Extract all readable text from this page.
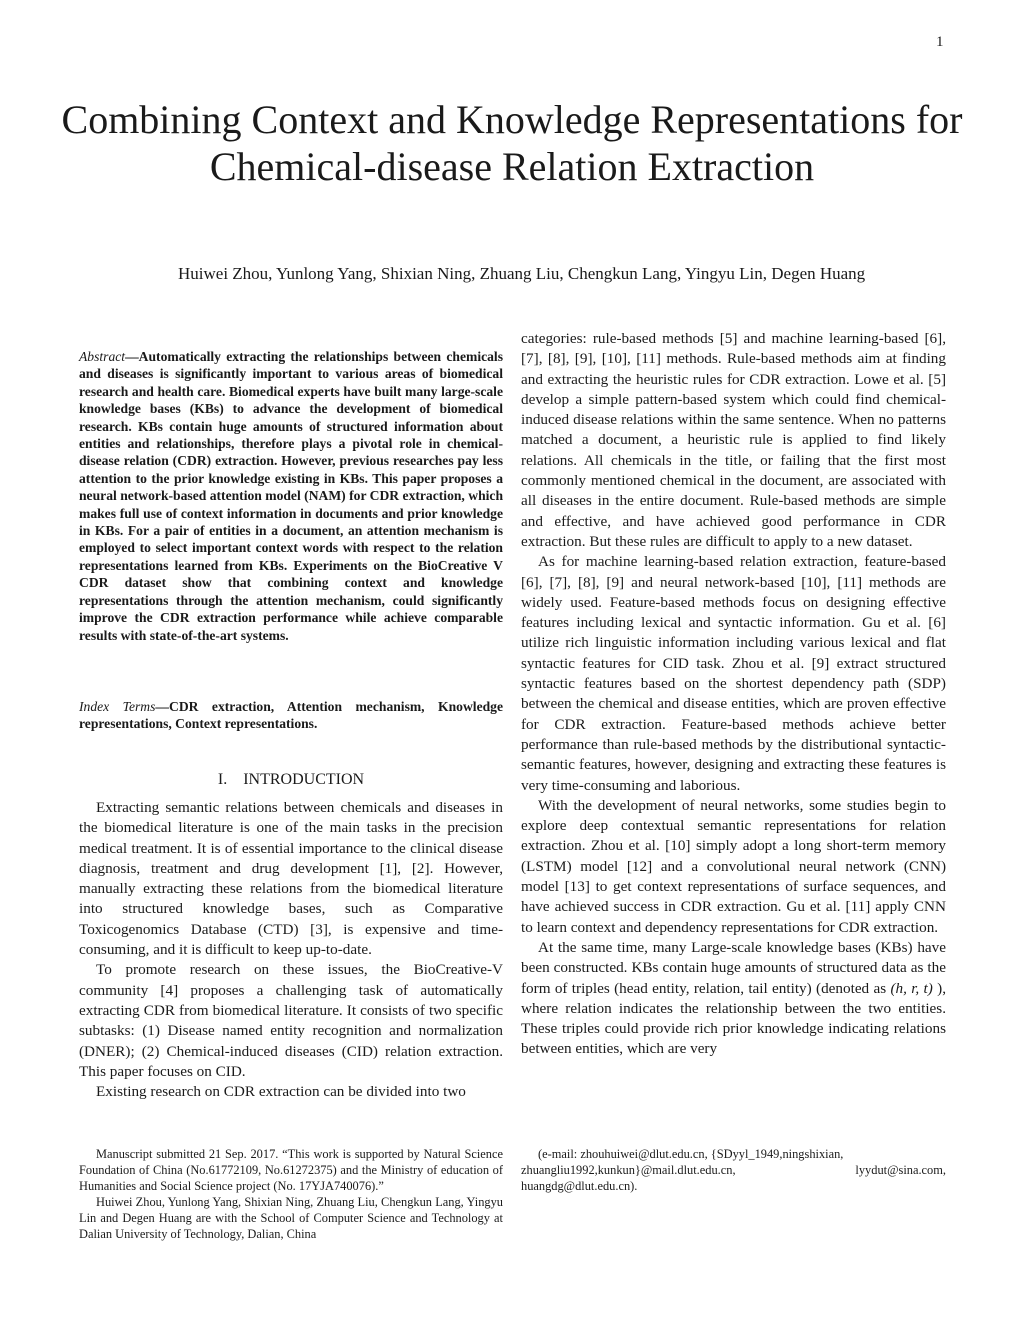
1
Combining Context and Knowledge Representations for Chemical-disease Relation Extraction
Huiwei Zhou, Yunlong Yang, Shixian Ning, Zhuang Liu, Chengkun Lang, Yingyu Lin, Degen Huang

Abstract—Automatically extracting the relationships between chemicals and diseases is significantly important to various areas of biomedical research and health care. Biomedical experts have built many large-scale knowledge bases (KBs) to advance the development of biomedical research. KBs contain huge amounts of structured information about entities and relationships, therefore plays a pivotal role in chemical-disease relation (CDR) extraction. However, previous researches pay less attention to the prior knowledge existing in KBs. This paper proposes a neural network-based attention model (NAM) for CDR extraction, which makes full use of context information in documents and prior knowledge in KBs. For a pair of entities in a document, an attention mechanism is employed to select important context words with respect to the relation representations learned from KBs. Experiments on the BioCreative V CDR dataset show that combining context and knowledge representations through the attention mechanism, could significantly improve the CDR extraction performance while achieve comparable results with state-of-the-art systems.

Index Terms—CDR extraction, Attention mechanism, Knowledge representations, Context representations.

I.    INTRODUCTION

Extracting semantic relations between chemicals and diseases in the biomedical literature is one of the main tasks in the precision medical treatment. It is of essential importance to the clinical disease diagnosis, treatment and drug development [1], [2]. However, manually extracting these relations from the biomedical literature into structured knowledge bases, such as Comparative Toxicogenomics Database (CTD) [3], is expensive and time-consuming, and it is difficult to keep up-to-date.

To promote research on these issues, the BioCreative-V community [4] proposes a challenging task of automatically extracting CDR from biomedical literature. It consists of two specific subtasks: (1) Disease named entity recognition and normalization (DNER); (2) Chemical-induced diseases (CID) relation extraction. This paper focuses on CID.

Existing research on CDR extraction can be divided into two

categories: rule-based methods [5] and machine learning-based [6], [7], [8], [9], [10], [11] methods. Rule-based methods aim at finding and extracting the heuristic rules for CDR extraction. Lowe et al. [5] develop a simple pattern-based system which could find chemical-induced disease relations within the same sentence. When no patterns matched a document, a heuristic rule is applied to find likely relations. All chemicals in the title, or failing that the first most commonly mentioned chemical in the document, are associated with all diseases in the entire document. Rule-based methods are simple and effective, and have achieved good performance in CDR extraction. But these rules are difficult to apply to a new dataset.

As for machine learning-based relation extraction, feature-based [6], [7], [8], [9] and neural network-based [10], [11] methods are widely used. Feature-based methods focus on designing effective features including lexical and syntactic information. Gu et al. [6] utilize rich linguistic information including various lexical and flat syntactic features for CID task. Zhou et al. [9] extract structured syntactic features based on the shortest dependency path (SDP) between the chemical and disease entities, which are proven effective for CDR extraction. Feature-based methods achieve better performance than rule-based methods by the distributional syntactic-semantic features, however, designing and extracting these features is very time-consuming and laborious.

With the development of neural networks, some studies begin to explore deep contextual semantic representations for relation extraction. Zhou et al. [10] simply adopt a long short-term memory (LSTM) model [12] and a convolutional neural network (CNN) model [13] to get context representations of surface sequences, and have achieved success in CDR extraction. Gu et al. [11] apply CNN to learn context and dependency representations for CDR extraction.

At the same time, many Large-scale knowledge bases (KBs) have been constructed. KBs contain huge amounts of structured data as the form of triples (head entity, relation, tail entity) (denoted as (h, r, t) ), where relation indicates the relationship between the two entities. These triples could provide rich prior knowledge indicating relations between entities, which are very

Manuscript submitted 21 Sep. 2017. “This work is supported by Natural Science Foundation of China (No.61772109, No.61272375) and the Ministry of education of Humanities and Social Science project (No. 17YJA740076).”

Huiwei Zhou, Yunlong Yang, Shixian Ning, Zhuang Liu, Chengkun Lang, Yingyu Lin and Degen Huang are with the School of Computer Science and Technology at Dalian University of Technology, Dalian, China

(e-mail: zhouhuiwei@dlut.edu.cn, {SDyyl_1949,ningshixian,
zhuangliu1992,kunkun}@mail.dlut.edu.cn, lyydut@sina.com, huangdg@dlut.edu.cn).
